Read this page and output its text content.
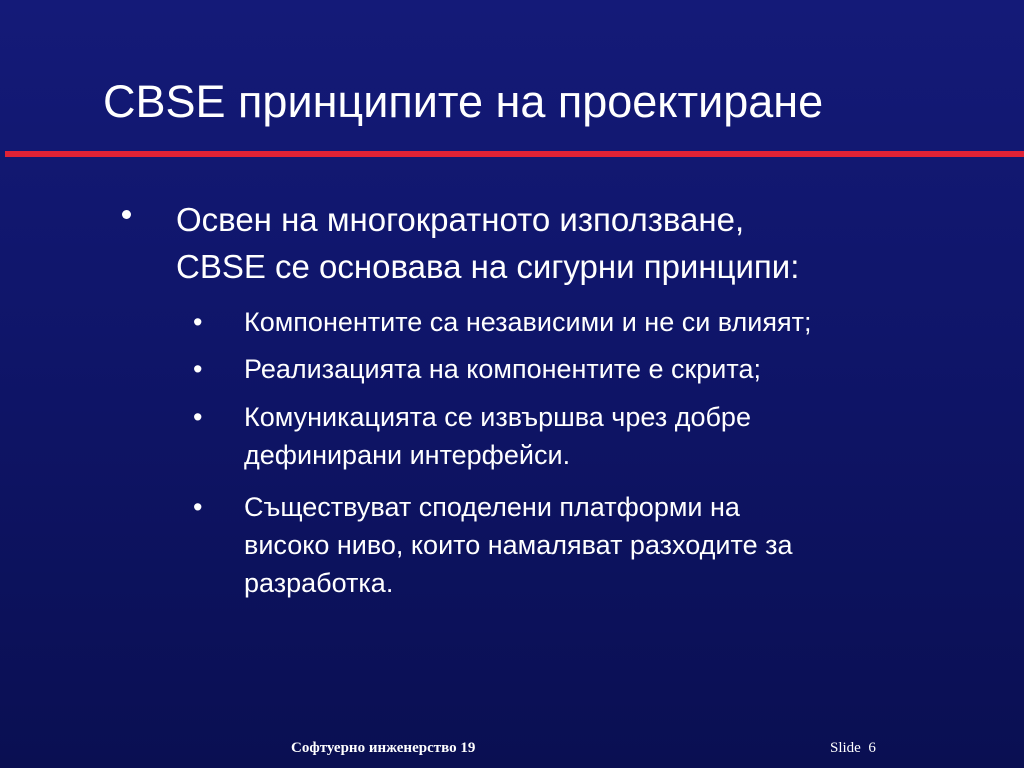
CBSE принципите на проектиране
Освен на многократното използване,
CBSE се основава на сигурни принципи:
• Компонентите са независими и не си влияят;
• Реализацията на компонентите е скрита;
• Комуникацията се извършва чрез добре
дефинирани интерфейси.
• Съществуват споделени платформи на
високо ниво, които намаляват разходите за
разработка.
Софтуерно инженерство 19	Slide 6
